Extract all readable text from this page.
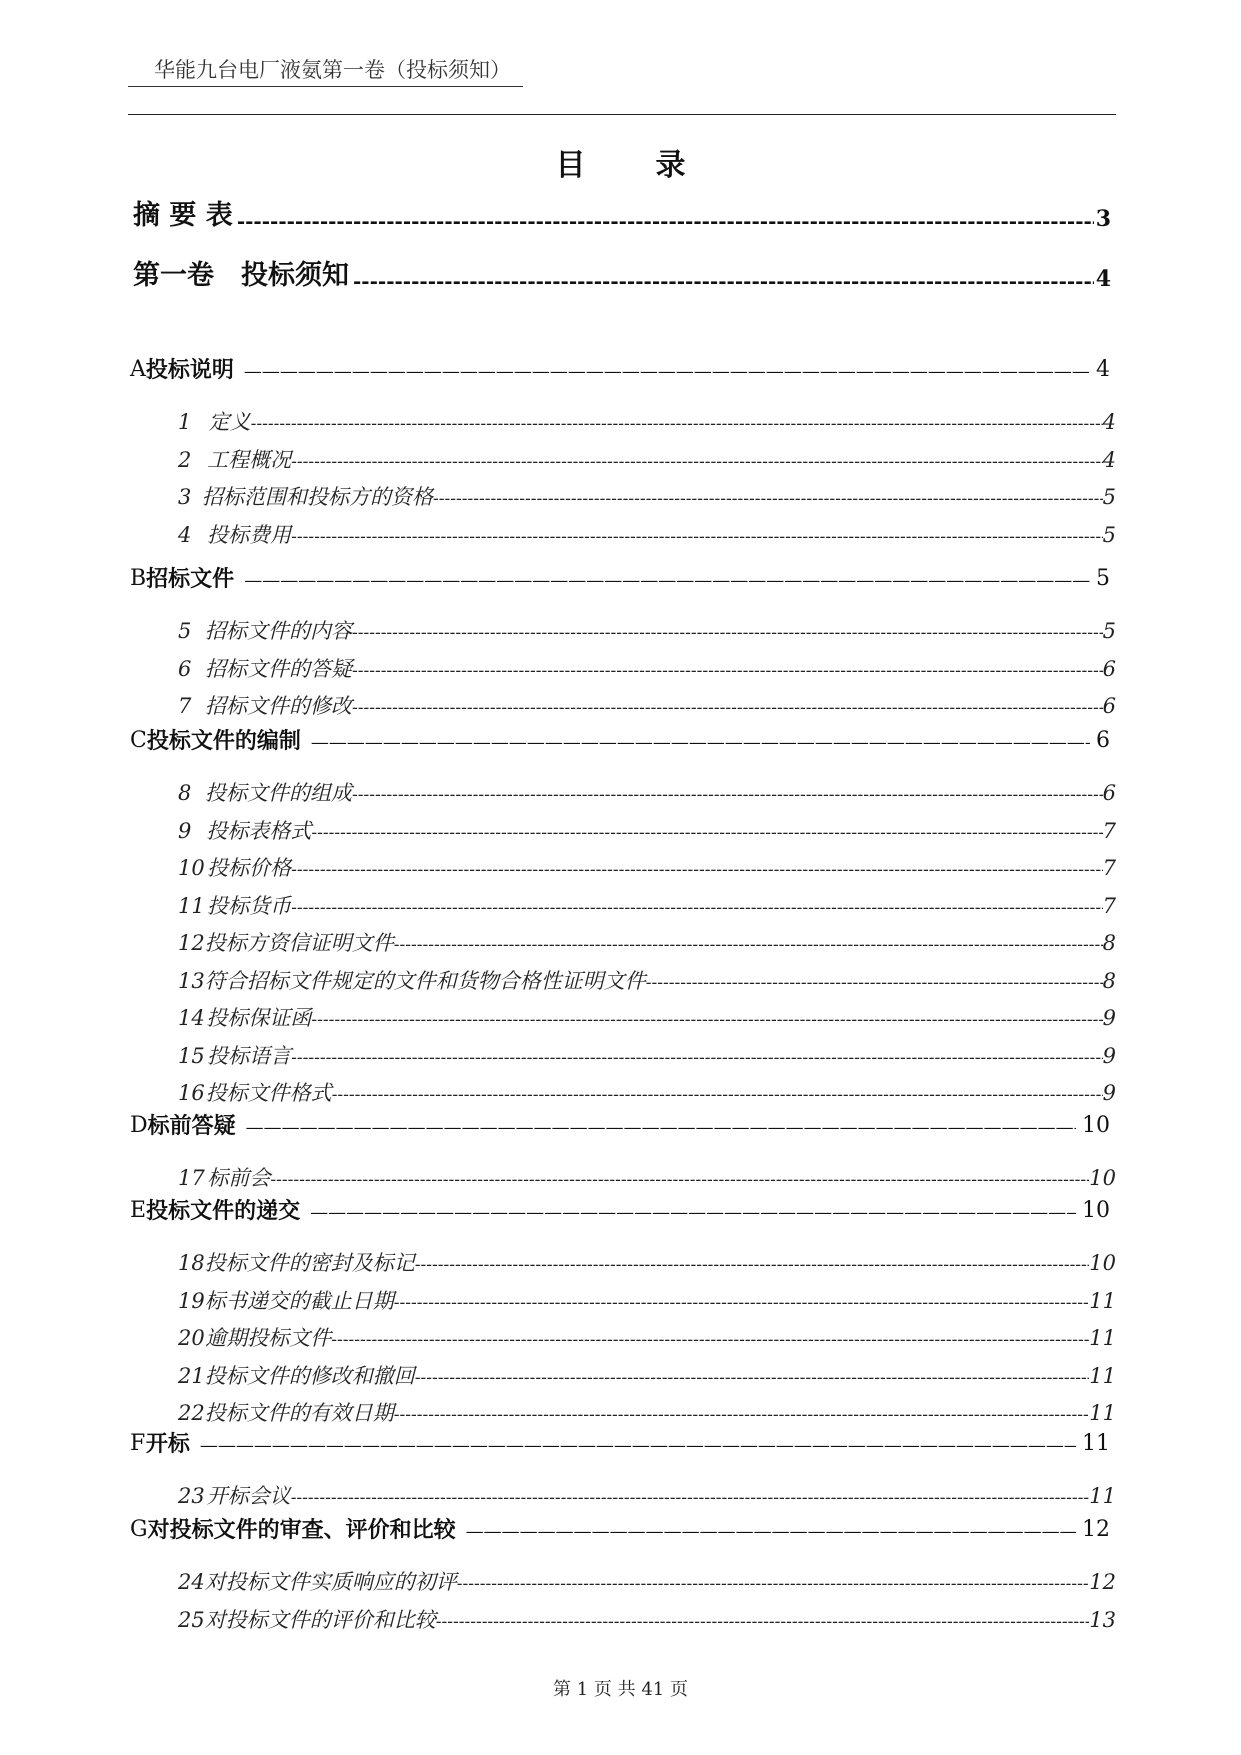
华能九台电厂液氨第一卷（投标须知）
目 录
摘 要 表 -----	3
第一卷　投标须知 -----	4
A 投标说明 —————	4
1 定义 -----	4
2 工程概况 -----	4
3 招标范围和投标方的资格 -----	5
4 投标费用 -----	5
B 招标文件 —————	5
5 招标文件的内容 -----	5
6 招标文件的答疑 -----	6
7 招标文件的修改 -----	6
C 投标文件的编制 —————	6
8 投标文件的组成 -----	6
9 投标表格式 -----	7
10 投标价格 -----	7
11 投标货币 -----	7
12 投标方资信证明文件 -----	8
13 符合招标文件规定的文件和货物合格性证明文件 -----	8
14 投标保证函 -----	9
15 投标语言 -----	9
16 投标文件格式 -----	9
D 标前答疑 —————	10
17 标前会 -----	10
E 投标文件的递交 —————	10
18 投标文件的密封及标记 -----	10
19 标书递交的截止日期 -----	11
20 逾期投标文件 -----	11
21 投标文件的修改和撤回 -----	11
22 投标文件的有效日期 -----	11
F 开标 —————	11
23 开标会议 -----	11
G 对投标文件的审查、评价和比较 —————	12
24 对投标文件实质响应的初评 -----	12
25 对投标文件的评价和比较 -----	13
第 1 页 共 41 页
